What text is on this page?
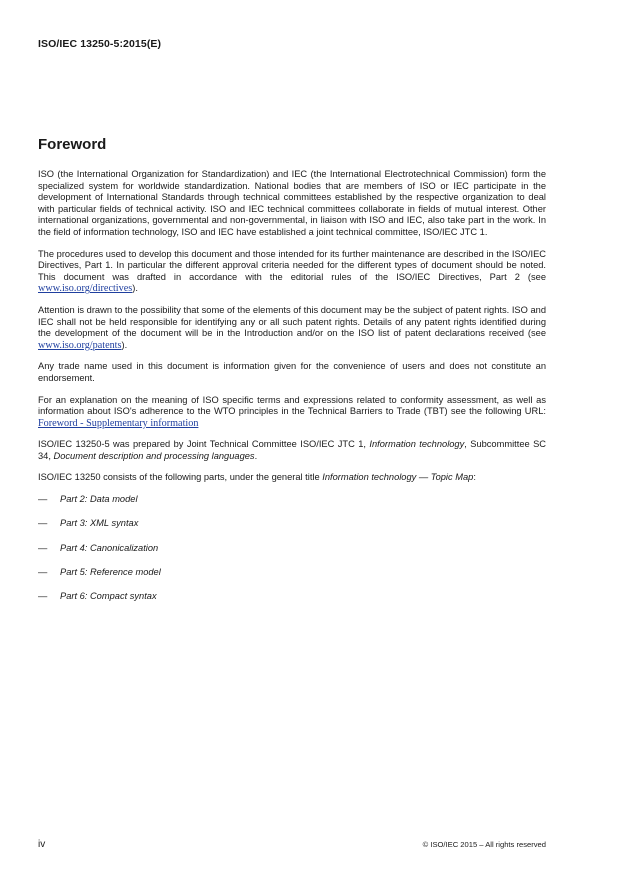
ISO/IEC 13250-5:2015(E)
Foreword

ISO (the International Organization for Standardization) and IEC (the International Electrotechnical Commission) form the specialized system for worldwide standardization. National bodies that are members of ISO or IEC participate in the development of International Standards through technical committees established by the respective organization to deal with particular fields of technical activity. ISO and IEC technical committees collaborate in fields of mutual interest. Other international organizations, governmental and non-governmental, in liaison with ISO and IEC, also take part in the work. In the field of information technology, ISO and IEC have established a joint technical committee, ISO/IEC JTC 1.

The procedures used to develop this document and those intended for its further maintenance are described in the ISO/IEC Directives, Part 1. In particular the different approval criteria needed for the different types of document should be noted. This document was drafted in accordance with the editorial rules of the ISO/IEC Directives, Part 2 (see www.iso.org/directives).

Attention is drawn to the possibility that some of the elements of this document may be the subject of patent rights. ISO and IEC shall not be held responsible for identifying any or all such patent rights. Details of any patent rights identified during the development of the document will be in the Introduction and/or on the ISO list of patent declarations received (see www.iso.org/patents).

Any trade name used in this document is information given for the convenience of users and does not constitute an endorsement.

For an explanation on the meaning of ISO specific terms and expressions related to conformity assessment, as well as information about ISO's adherence to the WTO principles in the Technical Barriers to Trade (TBT) see the following URL: Foreword - Supplementary information

ISO/IEC 13250-5 was prepared by Joint Technical Committee ISO/IEC JTC 1, Information technology, Subcommittee SC 34, Document description and processing languages.

ISO/IEC 13250 consists of the following parts, under the general title Information technology — Topic Map:

—	Part 2: Data model
—	Part 3: XML syntax
—	Part 4: Canonicalization
—	Part 5: Reference model
—	Part 6: Compact syntax
iv	© ISO/IEC 2015 – All rights reserved
